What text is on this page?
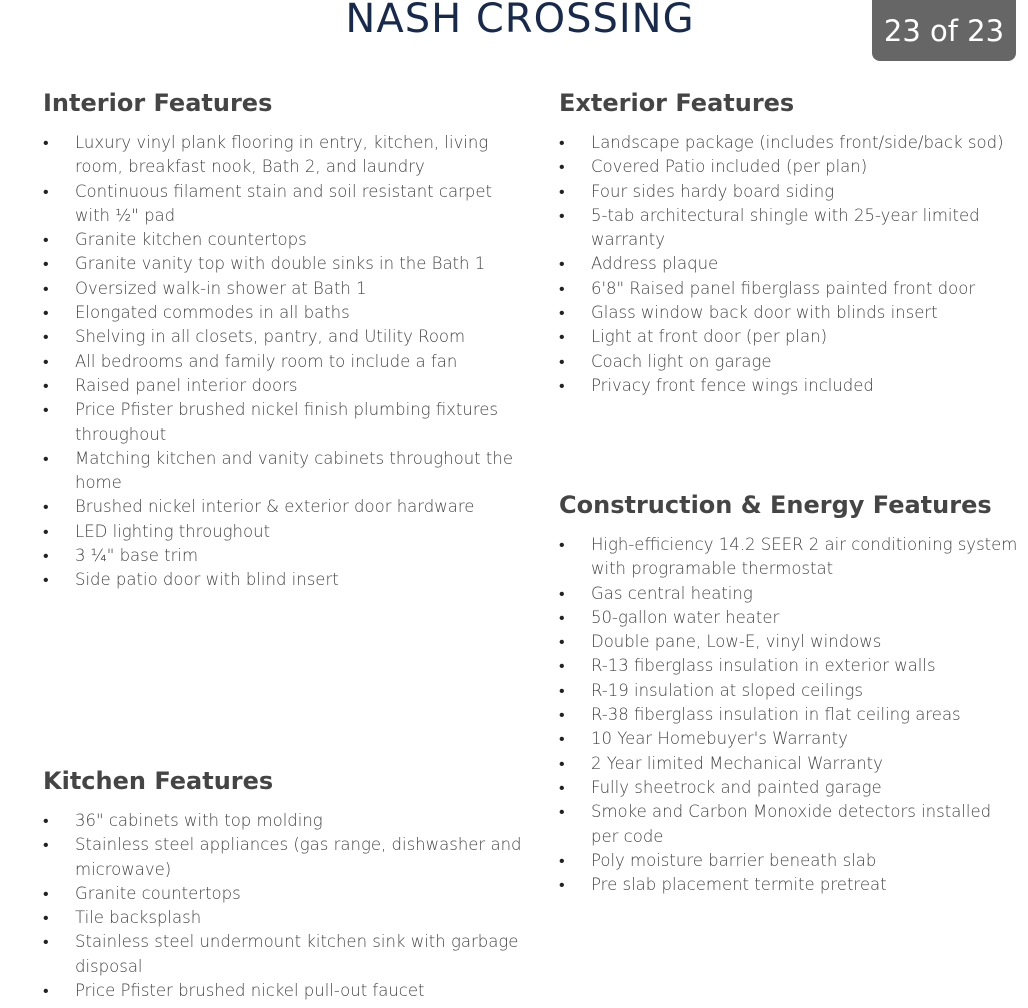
NASH CROSSING	23 of 23
Interior Features
• Luxury vinyl plank flooring in entry, kitchen, living room, breakfast nook, Bath 2, and laundry
• Continuous filament stain and soil resistant carpet with ½" pad
• Granite kitchen countertops
• Granite vanity top with double sinks in the Bath 1
• Oversized walk-in shower at Bath 1
• Elongated commodes in all baths
• Shelving in all closets, pantry, and Utility Room
• All bedrooms and family room to include a fan
• Raised panel interior doors
• Price Pfister brushed nickel finish plumbing fixtures throughout
• Matching kitchen and vanity cabinets throughout the home
• Brushed nickel interior & exterior door hardware
• LED lighting throughout
• 3 ¼" base trim
• Side patio door with blind insert
Kitchen Features
• 36" cabinets with top molding
• Stainless steel appliances (gas range, dishwasher and microwave)
• Granite countertops
• Tile backsplash
• Stainless steel undermount kitchen sink with garbage disposal
• Price Pfister brushed nickel pull-out faucet
Exterior Features
• Landscape package (includes front/side/back sod)
• Covered Patio included (per plan)
• Four sides hardy board siding
• 5-tab architectural shingle with 25-year limited warranty
• Address plaque
• 6'8" Raised panel fiberglass painted front door
• Glass window back door with blinds insert
• Light at front door (per plan)
• Coach light on garage
• Privacy front fence wings included
Construction & Energy Features
• High-efficiency 14.2 SEER 2 air conditioning system with programable thermostat
• Gas central heating
• 50-gallon water heater
• Double pane, Low-E, vinyl windows
• R-13 fiberglass insulation in exterior walls
• R-19 insulation at sloped ceilings
• R-38 fiberglass insulation in flat ceiling areas
• 10 Year Homebuyer's Warranty
• 2 Year limited Mechanical Warranty
• Fully sheetrock and painted garage
• Smoke and Carbon Monoxide detectors installed per code
• Poly moisture barrier beneath slab
• Pre slab placement termite pretreat
